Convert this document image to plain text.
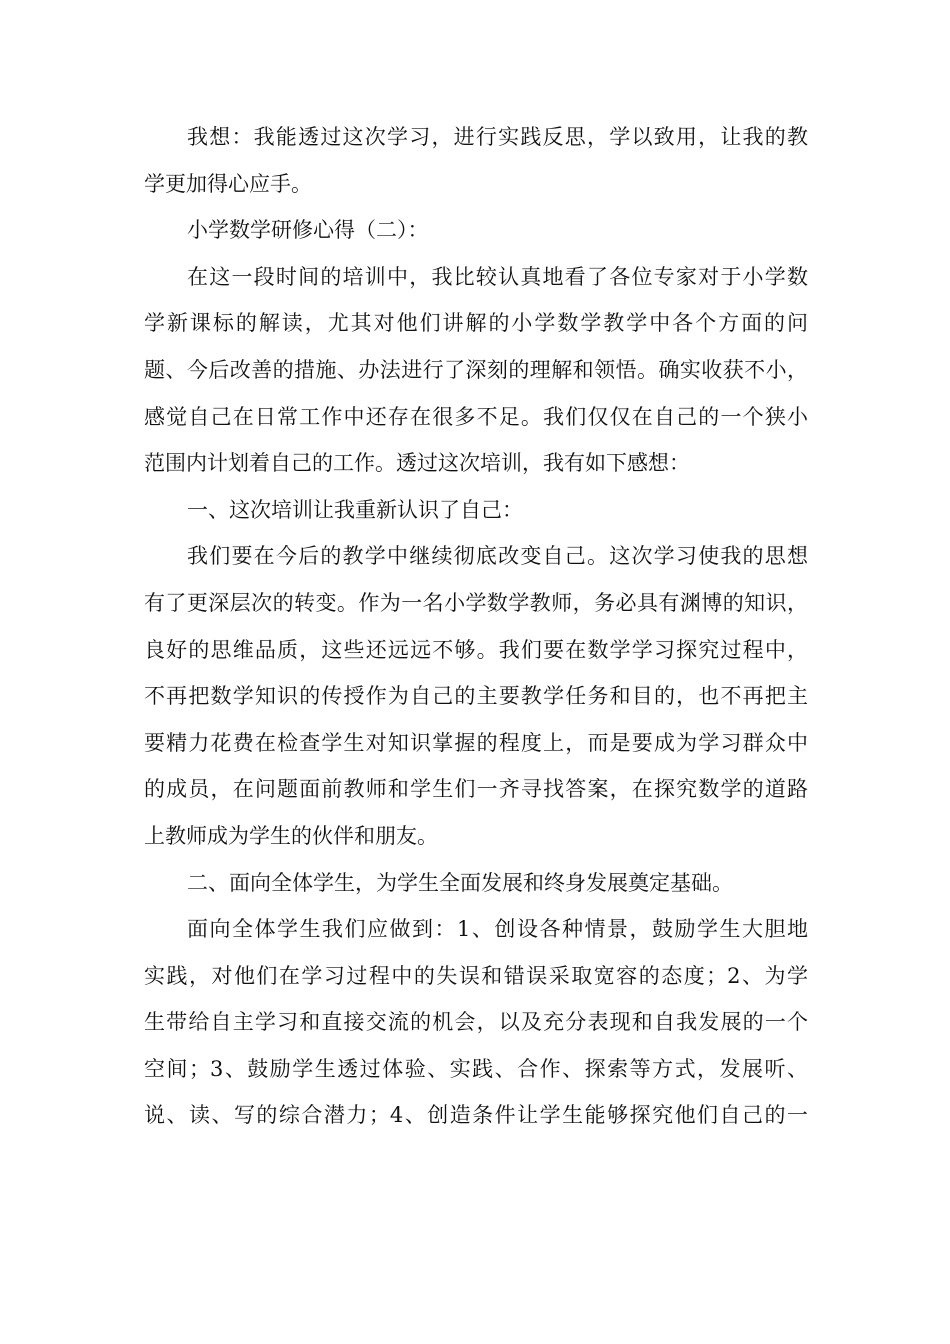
我想：我能透过这次学习，进行实践反思，学以致用，让我的教
学更加得心应手。
小学数学研修心得（二）：
在这一段时间的培训中，我比较认真地看了各位专家对于小学数
学新课标的解读，尤其对他们讲解的小学数学教学中各个方面的问
题、今后改善的措施、办法进行了深刻的理解和领悟。确实收获不小，
感觉自己在日常工作中还存在很多不足。我们仅仅在自己的一个狭小
范围内计划着自己的工作。透过这次培训，我有如下感想：
一、这次培训让我重新认识了自己：
我们要在今后的教学中继续彻底改变自己。这次学习使我的思想
有了更深层次的转变。作为一名小学数学教师，务必具有渊博的知识，
良好的思维品质，这些还远远不够。我们要在数学学习探究过程中，
不再把数学知识的传授作为自己的主要教学任务和目的，也不再把主
要精力花费在检查学生对知识掌握的程度上，而是要成为学习群众中
的成员，在问题面前教师和学生们一齐寻找答案，在探究数学的道路
上教师成为学生的伙伴和朋友。
二、面向全体学生，为学生全面发展和终身发展奠定基础。
面向全体学生我们应做到：1、创设各种情景，鼓励学生大胆地
实践，对他们在学习过程中的失误和错误采取宽容的态度；2、为学
生带给自主学习和直接交流的机会，以及充分表现和自我发展的一个
空间；3、鼓励学生透过体验、实践、合作、探索等方式，发展听、
说、读、写的综合潜力；4、创造条件让学生能够探究他们自己的一
